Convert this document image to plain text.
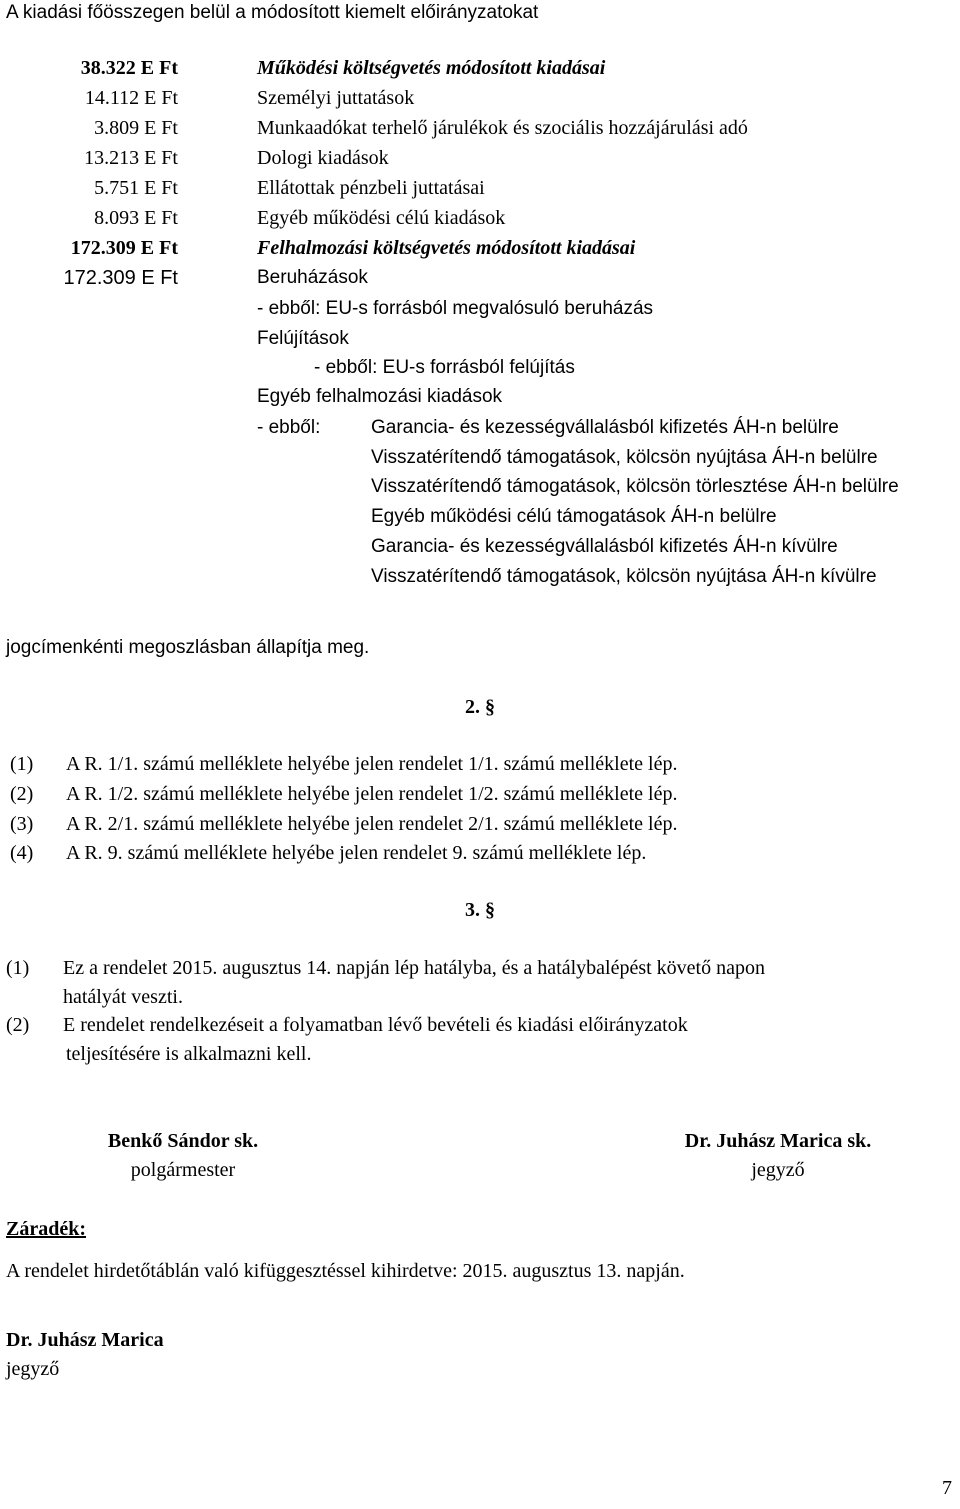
A kiadási főösszegen belül a módosított kiemelt előirányzatokat
38.322 E Ft	Működési költségvetés módosított kiadásai
14.112 E Ft	Személyi juttatások
3.809 E Ft	Munkaadókat terhelő járulékok és szociális hozzájárulási adó
13.213 E Ft	Dologi kiadások
5.751 E Ft	Ellátottak pénzbeli juttatásai
8.093 E Ft	Egyéb működési célú kiadások
172.309 E Ft	Felhalmozási költségvetés módosított kiadásai
172.309 E Ft	Beruházások
- ebből: EU-s forrásból megvalósuló beruházás
Felújítások
- ebből: EU-s forrásból felújítás
Egyéb felhalmozási kiadások
- ebből:	Garancia- és kezességvállalásból kifizetés ÁH-n belülre
Visszatérítendő támogatások, kölcsön nyújtása ÁH-n belülre
Visszatérítendő támogatások, kölcsön törlesztése ÁH-n belülre
Egyéb működési célú támogatások ÁH-n belülre
Garancia- és kezességvállalásból kifizetés ÁH-n kívülre
Visszatérítendő támogatások, kölcsön nyújtása ÁH-n kívülre
jogcímenkénti megoszlásban állapítja meg.
2. §
(1) A R. 1/1. számú melléklete helyébe jelen rendelet 1/1. számú melléklete lép.
(2) A R. 1/2. számú melléklete helyébe jelen rendelet 1/2. számú melléklete lép.
(3) A R. 2/1. számú melléklete helyébe jelen rendelet 2/1. számú melléklete lép.
(4) A R. 9. számú melléklete helyébe jelen rendelet 9. számú melléklete lép.
3. §
(1) Ez a rendelet 2015. augusztus 14. napján lép hatályba, és a hatálybalépést követő napon
hatályát veszti.
(2) E rendelet rendelkezéseit a folyamatban lévő bevételi és kiadási előirányzatok
teljesítésére is alkalmazni kell.
Benkő Sándor sk.
polgármester
Dr. Juhász Marica sk.
jegyző
Záradék:
A rendelet hirdetőtáblán való kifüggesztéssel kihirdetve: 2015. augusztus 13. napján.
Dr. Juhász Marica
jegyző
7
